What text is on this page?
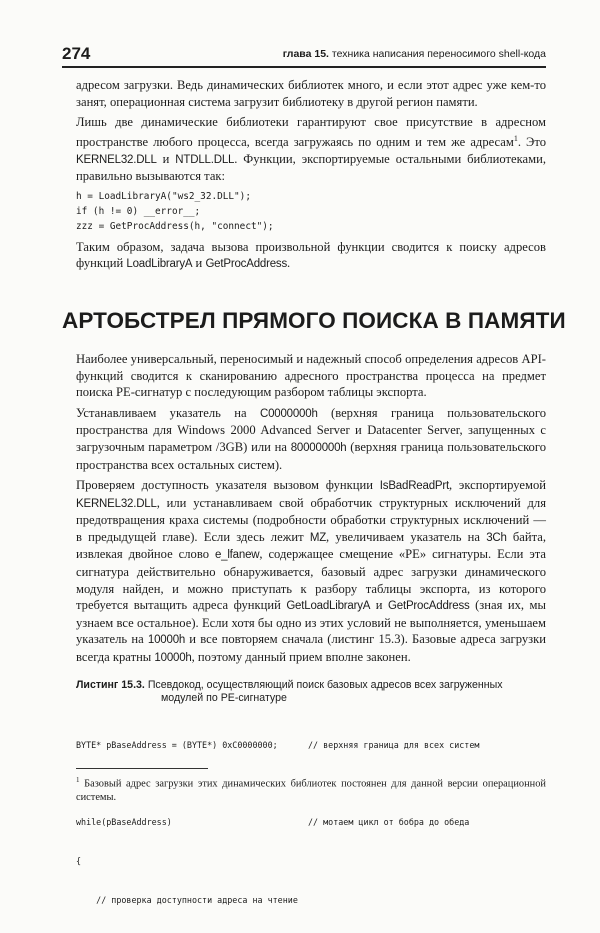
274	глава 15. техника написания переносимого shell-кода

адресом загрузки. Ведь динамических библиотек много, и если этот адрес уже кем-то занят, операционная система загрузит библиотеку в другой регион памяти.

Лишь две динамические библиотеки гарантируют свое присутствие в адресном пространстве любого процесса, всегда загружаясь по одним и тем же адресам$^1$. Это KERNEL32.DLL и NTDLL.DLL. Функции, экспортируемые остальными библиотеками, правильно вызываются так:

h = LoadLibraryA("ws2_32.DLL");
if (h != 0) __error__;
zzz = GetProcAddress(h, "connect");

Таким образом, задача вызова произвольной функции сводится к поиску адресов функций LoadLibraryA и GetProcAddress.

АРТОБСТРЕЛ ПРЯМОГО ПОИСКА В ПАМЯТИ

Наиболее универсальный, переносимый и надежный способ определения адресов API-функций сводится к сканированию адресного пространства процесса на предмет поиска PE-сигнатур с последующим разбором таблицы экспорта.

Устанавливаем указатель на C0000000h (верхняя граница пользовательского пространства для Windows 2000 Advanced Server и Datacenter Server, запущенных с загрузочным параметром /3GB) или на 80000000h (верхняя граница пользовательского пространства всех остальных систем).

Проверяем доступность указателя вызовом функции IsBadReadPrt, экспортируемой KERNEL32.DLL, или устанавливаем свой обработчик структурных исключений для предотвращения краха системы (подробности обработки структурных исключений — в предыдущей главе). Если здесь лежит MZ, увеличиваем указатель на 3Ch байта, извлекая двойное слово e_lfanew, содержащее смещение «PE» сигнатуры. Если эта сигнатура действительно обнаруживается, базовый адрес загрузки динамического модуля найден, и можно приступать к разбору таблицы экспорта, из которого требуется вытащить адреса функций GetLoadLibraryA и GetProcAddress (зная их, мы узнаем все остальное). Если хотя бы одно из этих условий не выполняется, уменьшаем указатель на 10000h и все повторяем сначала (листинг 15.3). Базовые адреса загрузки всегда кратны 10000h, поэтому данный прием вполне законен.

Листинг 15.3. Псевдокод, осуществляющий поиск базовых адресов всех загруженных
модулей по PE-сигнатуре

BYTE* pBaseAddress = (BYTE*) 0xC0000000;	// верхняя граница для всех систем

while(pBaseAddress)	// мотаем цикл от бобра до обеда

{

// проверка доступности адреса на чтение

$^1$ Базовый адрес загрузки этих динамических библиотек постоянен для данной версии операционной системы.
